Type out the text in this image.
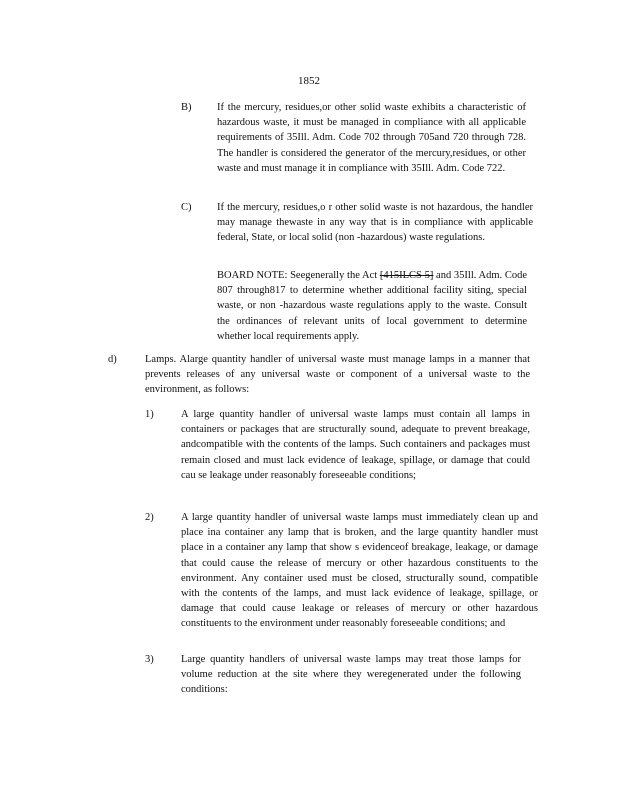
1852
B) If the mercury, residues,or other solid waste exhibits a characteristic of hazardous waste, it must be managed in compliance with all applicable requirements of 35Ill. Adm. Code 702 through 705and 720 through 728. The handler is considered the generator of the mercury,residues, or other waste and must manage it in compliance with 35Ill. Adm. Code 722.
C) If the mercury, residues,o r other solid waste is not hazardous, the handler may manage thewaste in any way that is in compliance with applicable federal, State, or local solid (non -hazardous) waste regulations.
BOARD NOTE: Seegenerally the Act [415ILCS 5] and 35Ill. Adm. Code 807 through817 to determine whether additional facility siting, special waste, or non -hazardous waste regulations apply to the waste. Consult the ordinances of relevant units of local government to determine whether local requirements apply.
d)	Lamps. Alarge quantity handler of universal waste must manage lamps in a manner that prevents releases of any universal waste or component of a universal waste to the environment, as follows:
1)	A large quantity handler of universal waste lamps must contain all lamps in containers or packages that are structurally sound, adequate to prevent breakage, andcompatible with the contents of the lamps. Such containers and packages must remain closed and must lack evidence of leakage, spillage, or damage that could cau se leakage under reasonably foreseeable conditions;
2)	A large quantity handler of universal waste lamps must immediately clean up and place ina container any lamp that is broken, and the large quantity handler must place in a container any lamp that show s evidenceof breakage, leakage, or damage that could cause the release of mercury or other hazardous constituents to the environment. Any container used must be closed, structurally sound, compatible with the contents of the lamps, and must lack evidence of leakage, spillage, or damage that could cause leakage or releases of mercury or other hazardous constituents to the environment under reasonably foreseeable conditions; and
3)	Large quantity handlers of universal waste lamps may treat those lamps for volume reduction at the site where they weregenerated under the following conditions:
